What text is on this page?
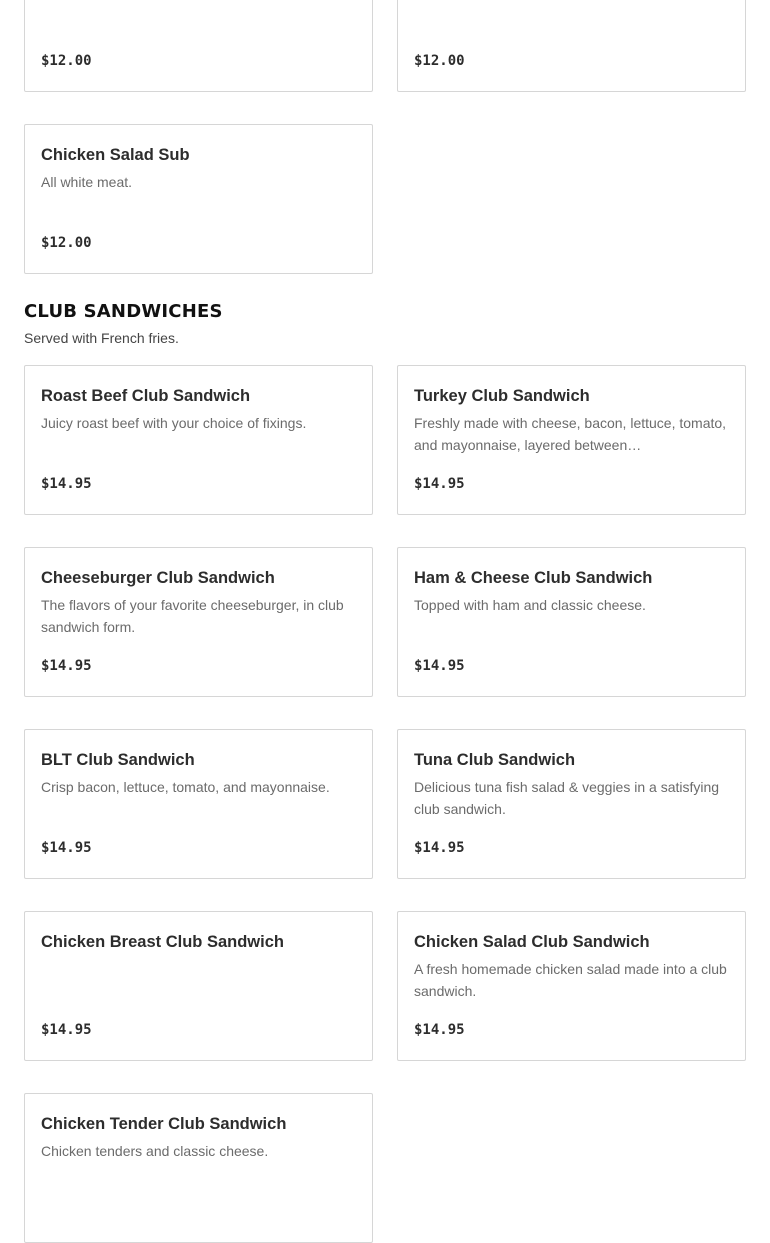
$12.00	$12.00
Chicken Salad Sub
All white meat.
$12.00
CLUB SANDWICHES
Served with French fries.
Roast Beef Club Sandwich
Juicy roast beef with your choice of fixings.
$14.95
Turkey Club Sandwich
Freshly made with cheese, bacon, lettuce, tomato, and mayonnaise, layered between…
$14.95
Cheeseburger Club Sandwich
The flavors of your favorite cheeseburger, in club sandwich form.
$14.95
Ham & Cheese Club Sandwich
Topped with ham and classic cheese.
$14.95
BLT Club Sandwich
Crisp bacon, lettuce, tomato, and mayonnaise.
$14.95
Tuna Club Sandwich
Delicious tuna fish salad & veggies in a satisfying club sandwich.
$14.95
Chicken Breast Club Sandwich
$14.95
Chicken Salad Club Sandwich
A fresh homemade chicken salad made into a club sandwich.
$14.95
Chicken Tender Club Sandwich
Chicken tenders and classic cheese.
